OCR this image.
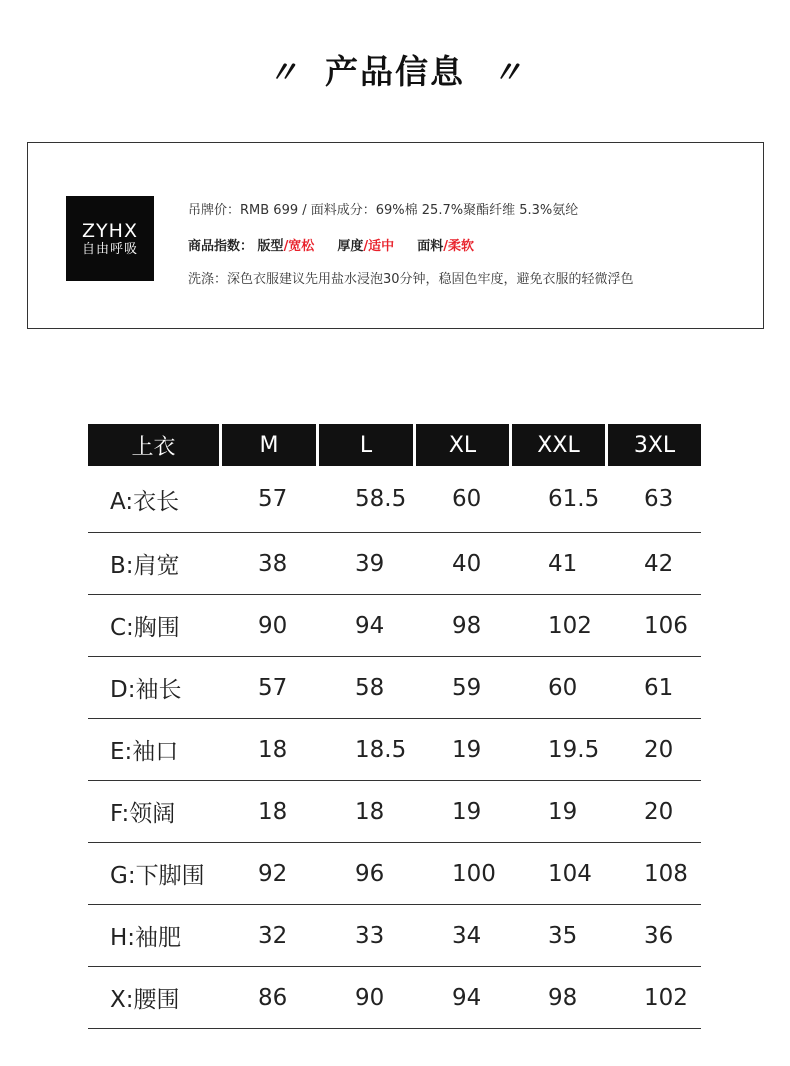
〃 产品信息 〃
ZYHX
自由呼吸
吊牌价：RMB 699 / 面料成分：69%棉 25.7%聚酯纤维 5.3%氨纶
商品指数： 版型/宽松 厚度/适中 面料/柔软
洗涤：深色衣服建议先用盐水浸泡30分钟，稳固色牢度，避免衣服的轻微浮色
上衣	M	L	XL	XXL	3XL
A:衣长	57	58.5	60	61.5	63
B:肩宽	38	39	40	41	42
C:胸围	90	94	98	102	106
D:袖长	57	58	59	60	61
E:袖口	18	18.5	19	19.5	20
F:领阔	18	18	19	19	20
G:下脚围	92	96	100	104	108
H:袖肥	32	33	34	35	36
X:腰围	86	90	94	98	102
